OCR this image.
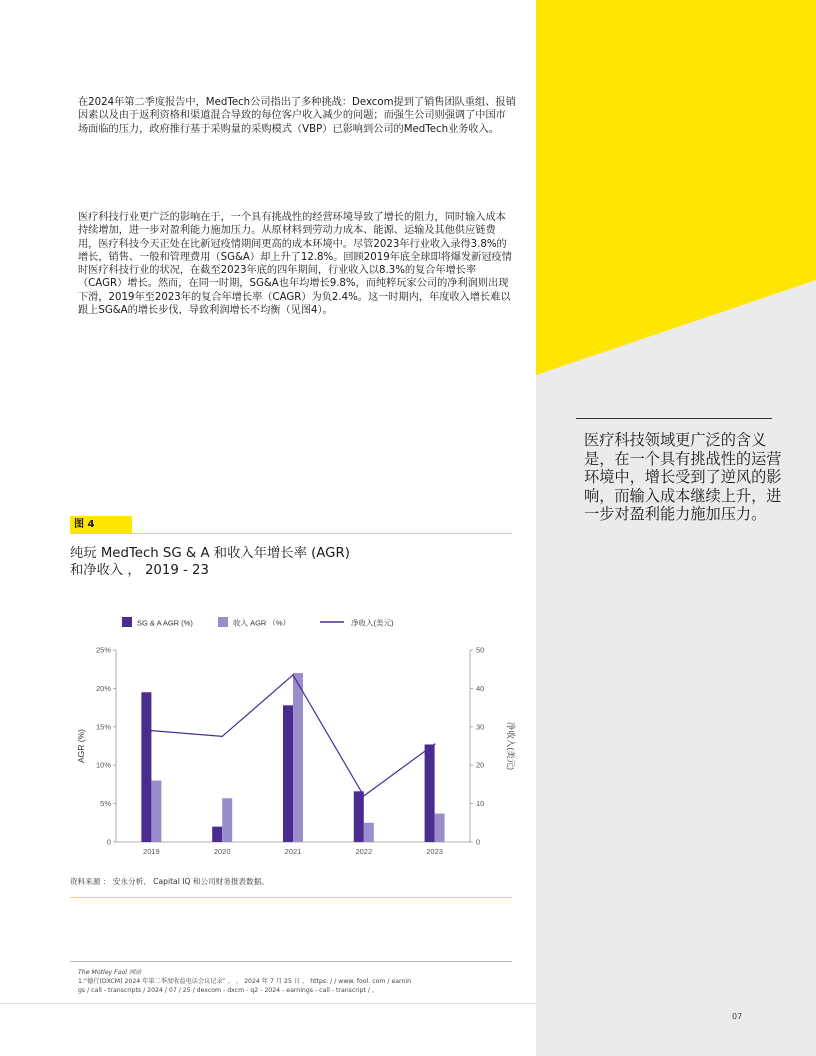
在2024年第二季度报告中，MedTech公司指出了多种挑战：Dexcom提到了销售团队重组、报销因素以及由于返利资格和渠道混合导致的每位客户收入减少的问题；而强生公司则强调了中国市场面临的压力，政府推行基于采购量的采购模式（VBP）已影响到公司的MedTech业务收入。

医疗科技行业更广泛的影响在于，一个具有挑战性的经营环境导致了增长的阻力，同时输入成本持续增加，进一步对盈利能力施加压力。从原材料到劳动力成本、能源、运输及其他供应链费用，医疗科技今天正处在比新冠疫情期间更高的成本环境中。尽管2023年行业收入录得3.8%的增长，销售、一般和管理费用（SG&A）却上升了12.8%。回顾2019年底全球即将爆发新冠疫情时医疗科技行业的状况，在截至2023年底的四年期间，行业收入以8.3%的复合年增长率（CAGR）增长。然而，在同一时期，SG&A也年均增长9.8%，而纯粹玩家公司的净利润则出现下滑，2019年至2023年的复合年增长率（CAGR）为负2.4%。这一时期内，年度收入增长难以跟上SG&A的增长步伐，导致利润增长不均衡（见图4）。

医疗科技领域更广泛的含义是，在一个具有挑战性的运营环境中，增长受到了逆风的影响，而输入成本继续上升，进一步对盈利能力施加压力。
图 4
纯玩 MedTech SG & A 和收入年增长率 (AGR)
和净收入 ， 2019 - 23
SG & A AGR (%)	收入 AGR （%）	净收入(美元)
0
5%
10%
15%
20%
25%
0
10
20
30
40
50
2019	2020	2021	2022	2023
AGR (%)	净收入(美元)
资料来源 ： 安永分析、 Capital IQ 和公司财务报表数据。
The Motley Fool 网站
1.“德行(DXCM) 2024 年第二季度收益电话会议记录” 。 ， 2024 年 7 月 25 日 ， https: / / www. fool. com / earnin
gs / call - transcripts / 2024 / 07 / 25 / dexcom - dxcm - q2 - 2024 - earnings - call - transcript / 。
07
